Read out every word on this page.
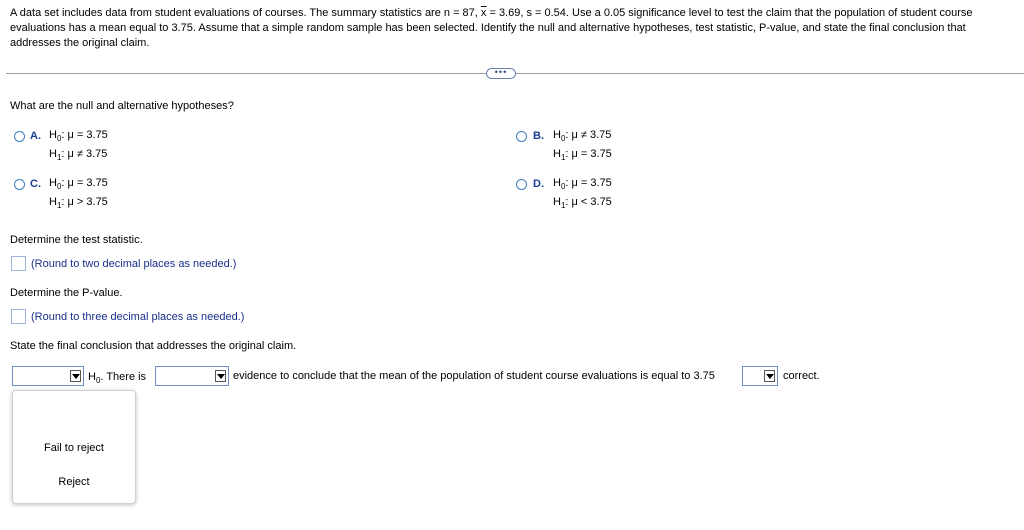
A data set includes data from student evaluations of courses. The summary statistics are n = 87, $\overline{x} = 3.69$, s = 0.54. Use a 0.05 significance level to test the claim that the population of student course evaluations has a mean equal to 3.75. Assume that a simple random sample has been selected. Identify the null and alternative hypotheses, test statistic, P-value, and state the final conclusion that addresses the original claim.
•••
What are the null and alternative hypotheses?
A. $H_0$: μ = 3.75
$H_1$: μ ≠ 3.75
B. $H_0$: μ ≠ 3.75
$H_1$: μ = 3.75
C. $H_0$: μ = 3.75
$H_1$: μ > 3.75
D. $H_0$: μ = 3.75
$H_1$: μ < 3.75
Determine the test statistic.
(Round to two decimal places as needed.)
Determine the P-value.
(Round to three decimal places as needed.)
State the final conclusion that addresses the original claim.
$H_0$. There is	evidence to conclude that the mean of the population of student course evaluations is equal to 3.75	correct.
Fail to reject
Reject
